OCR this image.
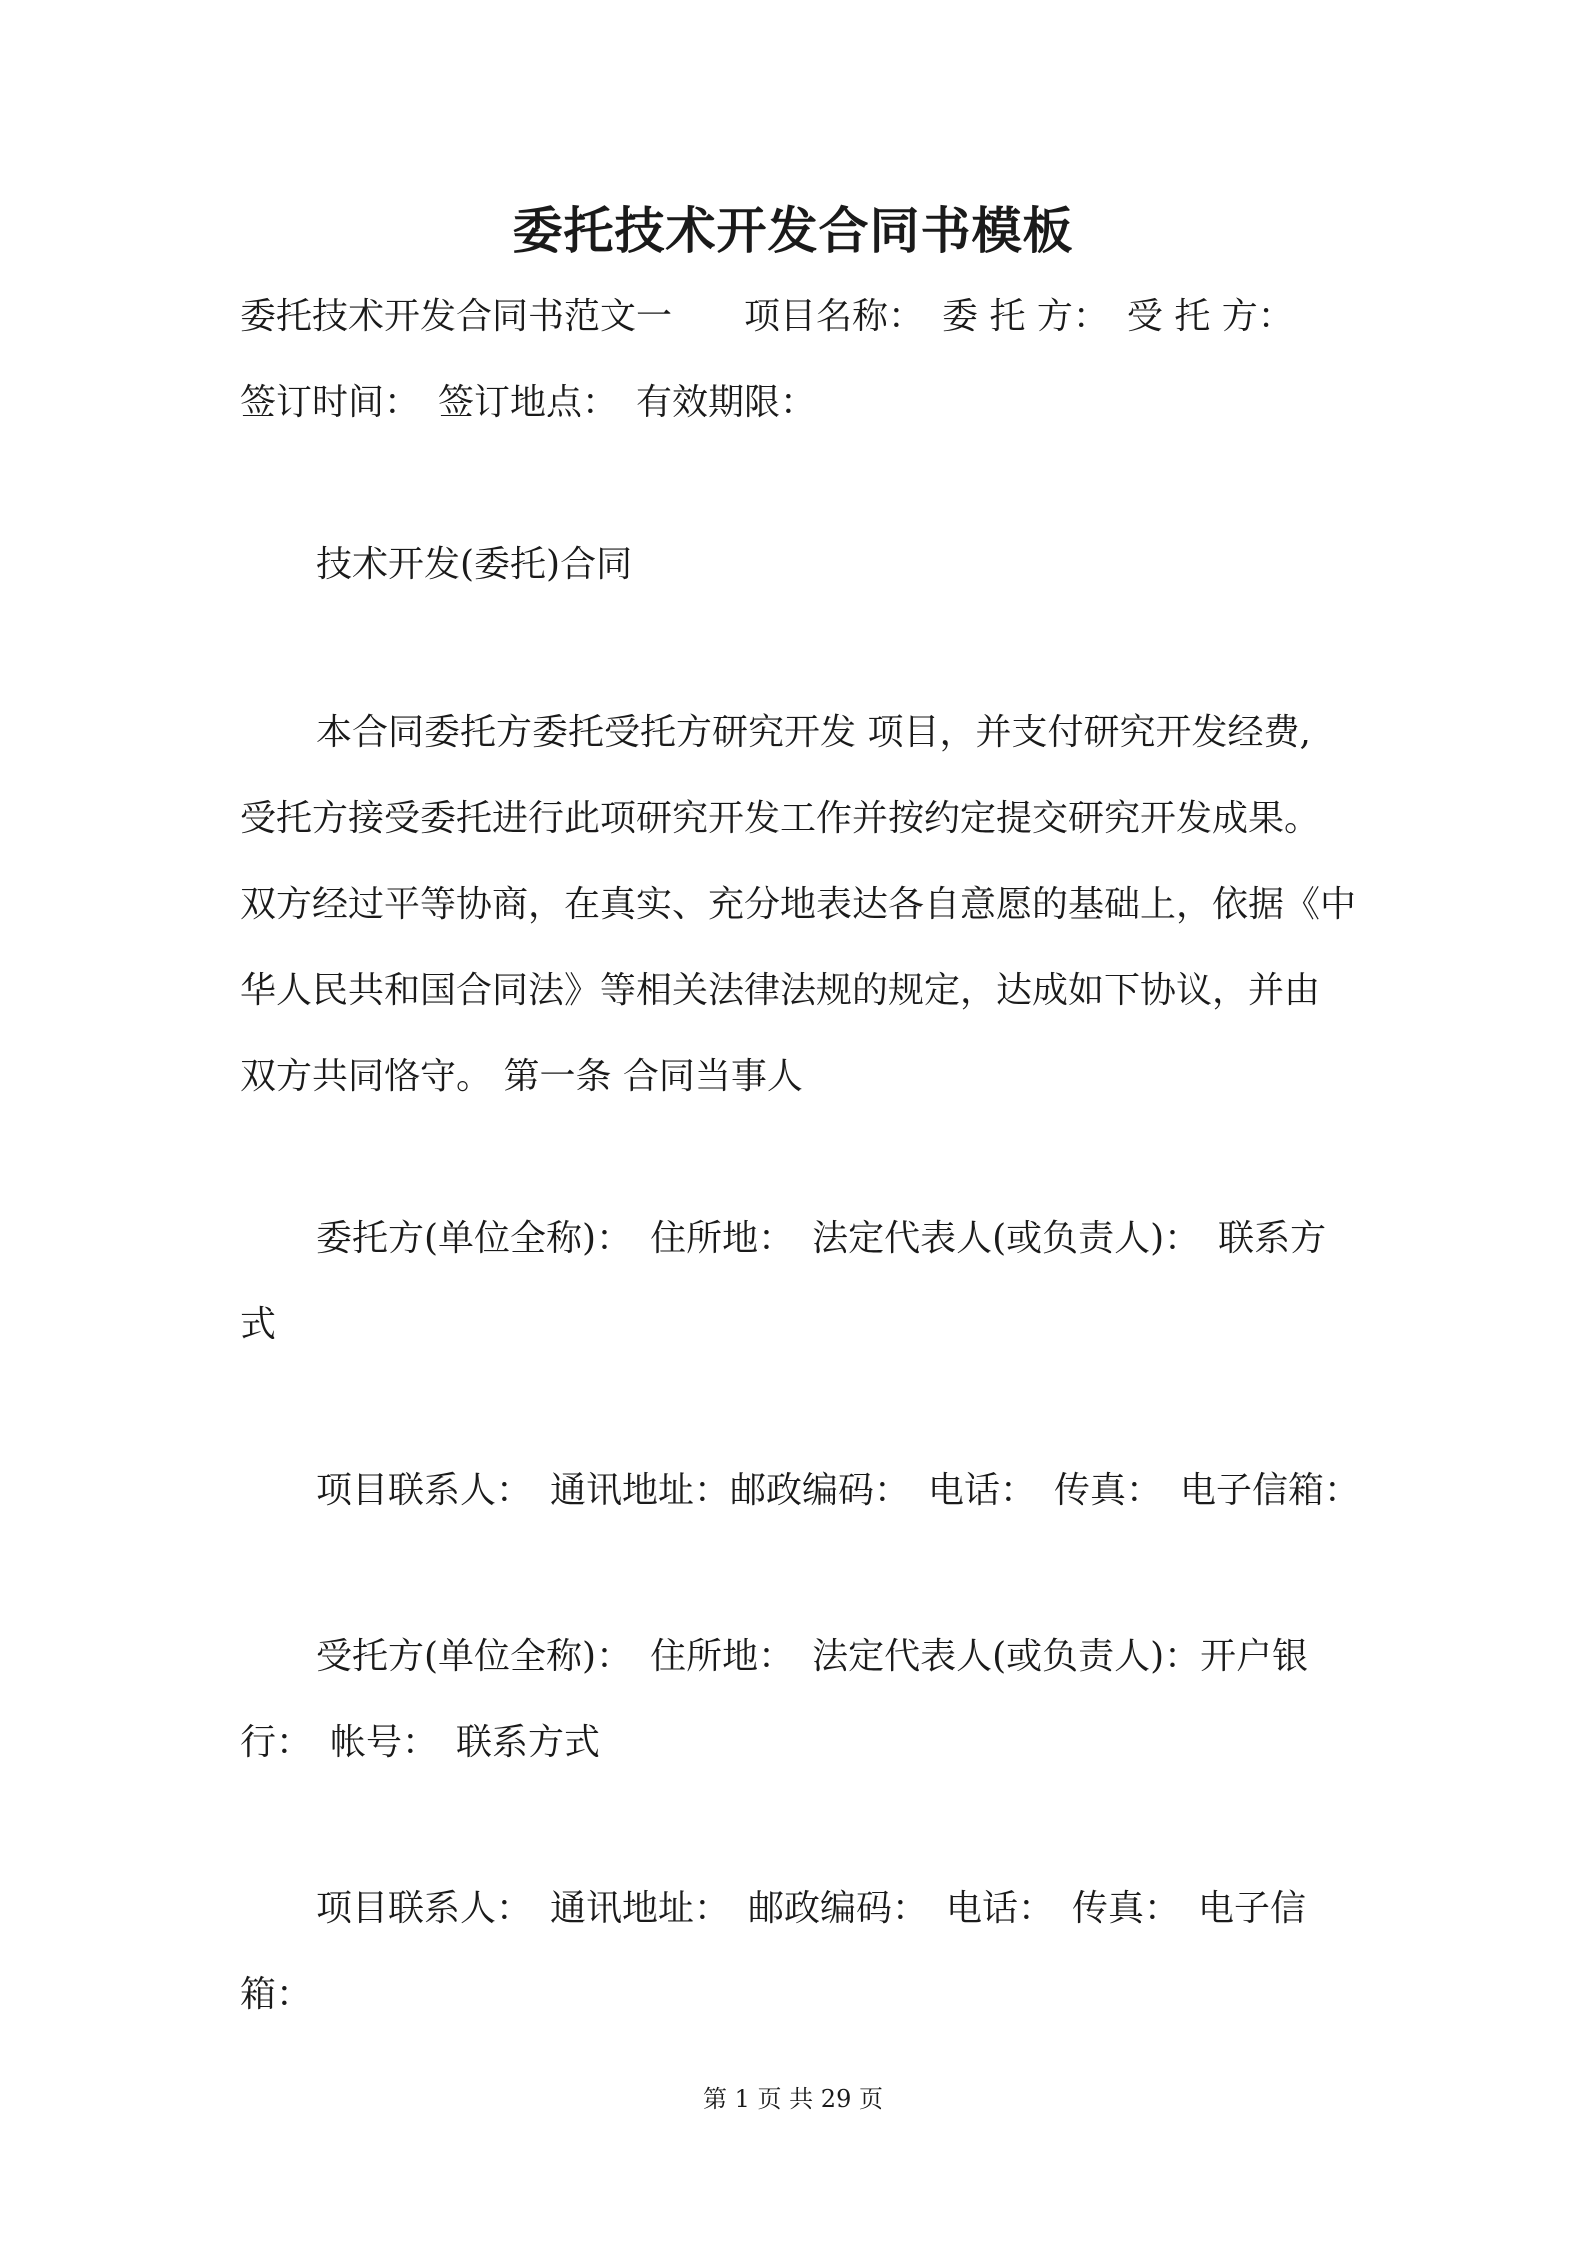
委托技术开发合同书模板
委托技术开发合同书范文一　　项目名称：　委 托 方：　受 托 方：
签订时间：　签订地点：　有效期限：
技术开发(委托)合同
本合同委托方委托受托方研究开发 项目，并支付研究开发经费,
受托方接受委托进行此项研究开发工作并按约定提交研究开发成果。
双方经过平等协商，在真实、充分地表达各自意愿的基础上，依据《中
华人民共和国合同法》等相关法律法规的规定，达成如下协议，并由
双方共同恪守。 第一条 合同当事人
委托方(单位全称)：　住所地：　法定代表人(或负责人)：　联系方
式
项目联系人：　通讯地址：邮政编码：　电话：　传真：　电子信箱：
受托方(单位全称)：　住所地：　法定代表人(或负责人)：开户银
行：　帐号：　联系方式
项目联系人：　通讯地址：　邮政编码：　电话：　传真：　电子信
箱：
第 1 页 共 29 页
